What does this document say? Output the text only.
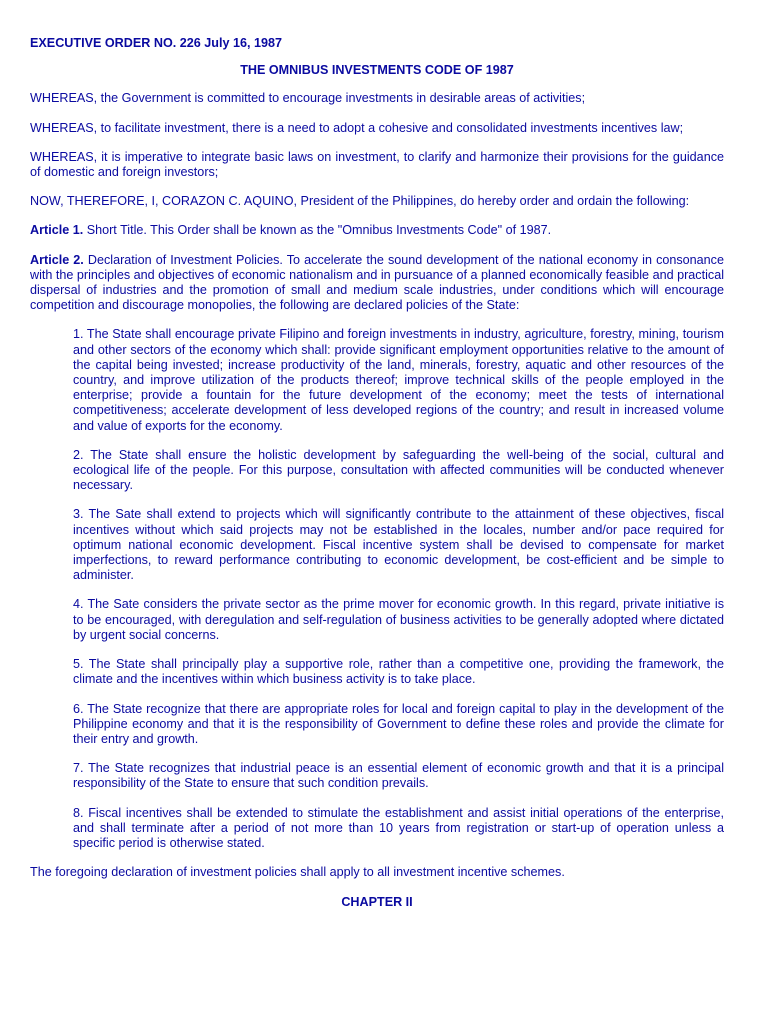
EXECUTIVE ORDER NO. 226 July 16, 1987
THE OMNIBUS INVESTMENTS CODE OF 1987

WHEREAS, the Government is committed to encourage investments in desirable areas of activities;

WHEREAS, to facilitate investment, there is a need to adopt a cohesive and consolidated investments incentives law;

WHEREAS, it is imperative to integrate basic laws on investment, to clarify and harmonize their provisions for the guidance of domestic and foreign investors;

NOW, THEREFORE, I, CORAZON C. AQUINO, President of the Philippines, do hereby order and ordain the following:

Article 1. Short Title. This Order shall be known as the "Omnibus Investments Code" of 1987.

Article 2. Declaration of Investment Policies. To accelerate the sound development of the national economy in consonance with the principles and objectives of economic nationalism and in pursuance of a planned economically feasible and practical dispersal of industries and the promotion of small and medium scale industries, under conditions which will encourage competition and discourage monopolies, the following are declared policies of the State:

1. The State shall encourage private Filipino and foreign investments in industry, agriculture, forestry, mining, tourism and other sectors of the economy which shall: provide significant employment opportunities relative to the amount of the capital being invested; increase productivity of the land, minerals, forestry, aquatic and other resources of the country, and improve utilization of the products thereof; improve technical skills of the people employed in the enterprise; provide a fountain for the future development of the economy; meet the tests of international competitiveness; accelerate development of less developed regions of the country; and result in increased volume and value of exports for the economy.

2. The State shall ensure the holistic development by safeguarding the well-being of the social, cultural and ecological life of the people. For this purpose, consultation with affected communities will be conducted whenever necessary.

3. The Sate shall extend to projects which will significantly contribute to the attainment of these objectives, fiscal incentives without which said projects may not be established in the locales, number and/or pace required for optimum national economic development. Fiscal incentive system shall be devised to compensate for market imperfections, to reward performance contributing to economic development, be cost-efficient and be simple to administer.

4. The Sate considers the private sector as the prime mover for economic growth. In this regard, private initiative is to be encouraged, with deregulation and self-regulation of business activities to be generally adopted where dictated by urgent social concerns.

5. The State shall principally play a supportive role, rather than a competitive one, providing the framework, the climate and the incentives within which business activity is to take place.

6. The State recognize that there are appropriate roles for local and foreign capital to play in the development of the Philippine economy and that it is the responsibility of Government to define these roles and provide the climate for their entry and growth.

7. The State recognizes that industrial peace is an essential element of economic growth and that it is a principal responsibility of the State to ensure that such condition prevails.

8. Fiscal incentives shall be extended to stimulate the establishment and assist initial operations of the enterprise, and shall terminate after a period of not more than 10 years from registration or start-up of operation unless a specific period is otherwise stated.

The foregoing declaration of investment policies shall apply to all investment incentive schemes.

CHAPTER II
